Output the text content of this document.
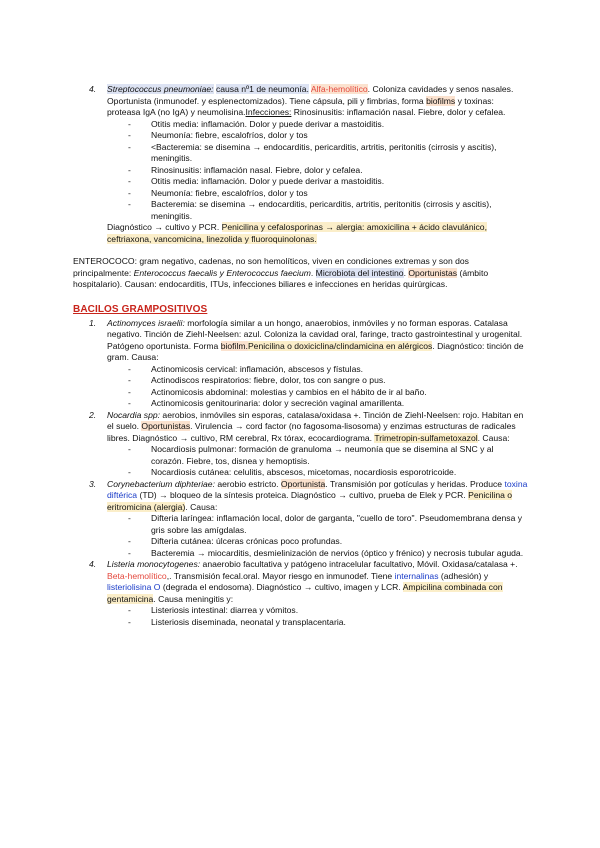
4. Streptococcus pneumoniae: causa nº1 de neumonía. Alfa-hemolítico. Coloniza cavidades y senos nasales. Oportunista (inmunodef. y esplenectomizados). Tiene cápsula, pili y fimbrias, forma biofilms y toxinas: proteasa IgA (no IgA) y neumolisina.Infecciones: Rinosinusitis: inflamación nasal. Fiebre, dolor y cefalea.
- Otitis media: inflamación. Dolor y puede derivar a mastoiditis.
- Neumonía: fiebre, escalofríos, dolor y tos
- <Bacteremia: se disemina → endocarditis, pericarditis, artritis, peritonitis (cirrosis y ascitis), meningitis.
- Rinosinusitis: inflamación nasal. Fiebre, dolor y cefalea.
- Otitis media: inflamación. Dolor y puede derivar a mastoiditis.
- Neumonía: fiebre, escalofríos, dolor y tos
- Bacteremia: se disemina → endocarditis, pericarditis, artritis, peritonitis (cirrosis y ascitis), meningitis.
Diagnóstico → cultivo y PCR. Penicilina y cefalosporinas → alergia: amoxicilina + ácido clavulánico, ceftriaxona, vancomicina, linezolida y fluoroquinolonas.
ENTEROCOCO: gram negativo, cadenas, no son hemolíticos, viven en condiciones extremas y son dos principalmente: Enterococcus faecalis y Enterococcus faecium. Microbiota del intestino. Oportunistas (ámbito hospitalario). Causan: endocarditis, ITUs, infecciones biliares e infecciones en heridas quirúrgicas.
BACILOS GRAMPOSITIVOS
1. Actinomyces israelii: morfología similar a un hongo, anaerobios, inmóviles y no forman esporas. Catalasa negativo. Tinción de Ziehl-Neelsen: azul. Coloniza la cavidad oral, faringe, tracto gastrointestinal y urogenital. Patógeno oportunista. Forma biofilm.Penicilina o doxiciclina/clindamicina en alérgicos. Diagnóstico: tinción de gram. Causa:
- Actinomicosis cervical: inflamación, abscesos y fístulas.
- Actinodiscos respiratorios: fiebre, dolor, tos con sangre o pus.
- Actinomicosis abdominal: molestias y cambios en el hábito de ir al baño.
- Actinomicosis genitourinaria: dolor y secreción vaginal amarillenta.
2. Nocardia spp: aerobios, inmóviles sin esporas, catalasa/oxidasa +. Tinción de Ziehl-Neelsen: rojo. Habitan en el suelo. Oportunistas. Virulencia → cord factor (no fagosoma-lisosoma) y enzimas estructuras de radicales libres. Diagnóstico → cultivo, RM cerebral, Rx tórax, ecocardiograma. Trimetropin-sulfametoxazol. Causa:
- Nocardiosis pulmonar: formación de granuloma → neumonía que se disemina al SNC y al corazón. Fiebre, tos, disnea y hemoptisis.
- Nocardiosis cutánea: celulitis, abscesos, micetomas, nocardiosis esporotricoide.
3. Corynebacterium diphteriae: aerobio estricto. Oportunista. Transmisión por gotículas y heridas. Produce toxina diftérica (TD) → bloqueo de la síntesis proteica. Diagnóstico → cultivo, prueba de Elek y PCR. Penicilina o eritromicina (alergia). Causa:
- Difteria laríngea: inflamación local, dolor de garganta, "cuello de toro". Pseudomembrana densa y gris sobre las amígdalas.
- Difteria cutánea: úlceras crónicas poco profundas.
- Bacteremia → miocarditis, desmielinización de nervios (óptico y frénico) y necrosis tubular aguda.
4. Listeria monocytogenes: anaerobio facultativa y patógeno intracelular facultativo, Móvil. Oxidasa/catalasa +. Beta-hemolítico,. Transmisión fecal.oral. Mayor riesgo en inmunodef. Tiene internalinas (adhesión) y listeriolisina O (degrada el endosoma). Diagnóstico → cultivo, imagen y LCR. Ampicilina combinada con gentamicina. Causa meningitis y:
- Listeriosis intestinal: diarrea y vómitos.
- Listeriosis diseminada, neonatal y transplacentaria.
